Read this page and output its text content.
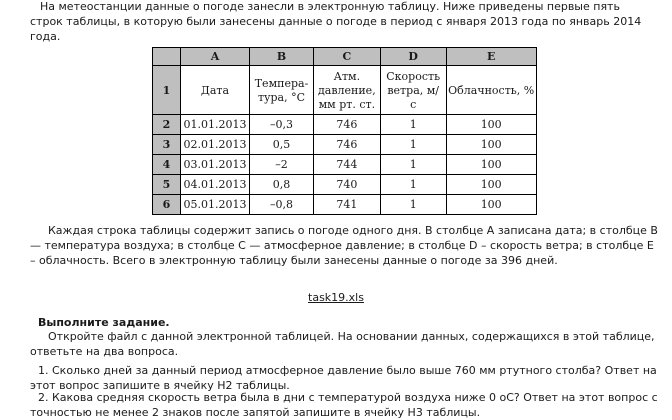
На метеостанции данные о погоде занесли в электронную таблицу. Ниже приведены первые пять строк таблицы, в которую были занесены данные о погоде в период с января 2013 года по январь 2014 года.

	A	B	C	D	E
1	Дата	Темпера-тура, °С	Атм. давление, мм рт. ст.	Скорость ветра, м/с	Облачность, %

2	01.01.2013	–0,3	746	1	100
3	02.01.2013	0,5	746	1	100
4	03.01.2013	–2	744	1	100
5	04.01.2013	0,8	740	1	100
6	05.01.2013	–0,8	741	1	100

Каждая строка таблицы содержит запись о погоде одного дня. В столбце А записана дата; в столбце В — температура воздуха; в столбце С — атмосферное давление; в столбце D – скорость ветра; в столбце Е – облачность. Всего в электронную таблицу были занесены данные о погоде за 396 дней.

task19.xls

Выполните задание.

Откройте файл с данной электронной таблицей. На основании данных, содержащихся в этой таблице, ответьте на два вопроса.

1. Сколько дней за данный период атмосферное давление было выше 760 мм ртутного столба? Ответ на этот вопрос запишите в ячейку H2 таблицы.

2. Какова средняя скорость ветра была в дни с температурой воздуха ниже 0 оС? Ответ на этот вопрос с точностью не менее 2 знаков после запятой запишите в ячейку H3 таблицы.
